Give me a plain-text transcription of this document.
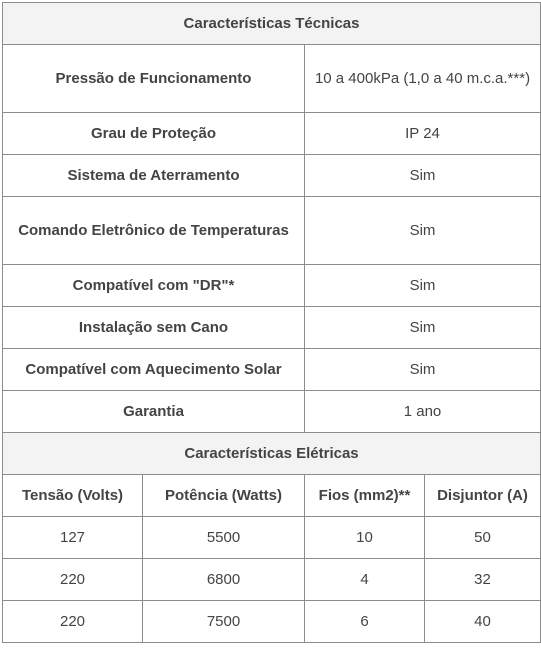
Características Técnicas			
Pressão de Funcionamento		10 a 400kPa (1,0 a 40 m.c.a.***)	
Grau de Proteção		IP 24	
Sistema de Aterramento		Sim	
Comando Eletrônico de Temperaturas		Sim	
Compatível com "DR"*		Sim	
Instalação sem Cano		Sim	
Compatível com Aquecimento Solar		Sim	
Garantia		1 ano	
Características Elétricas			
Tensão (Volts)	Potência (Watts)	Fios (mm2)**	Disjuntor (A)
127	5500	10	50
220	6800	4	32
220	7500	6	40
